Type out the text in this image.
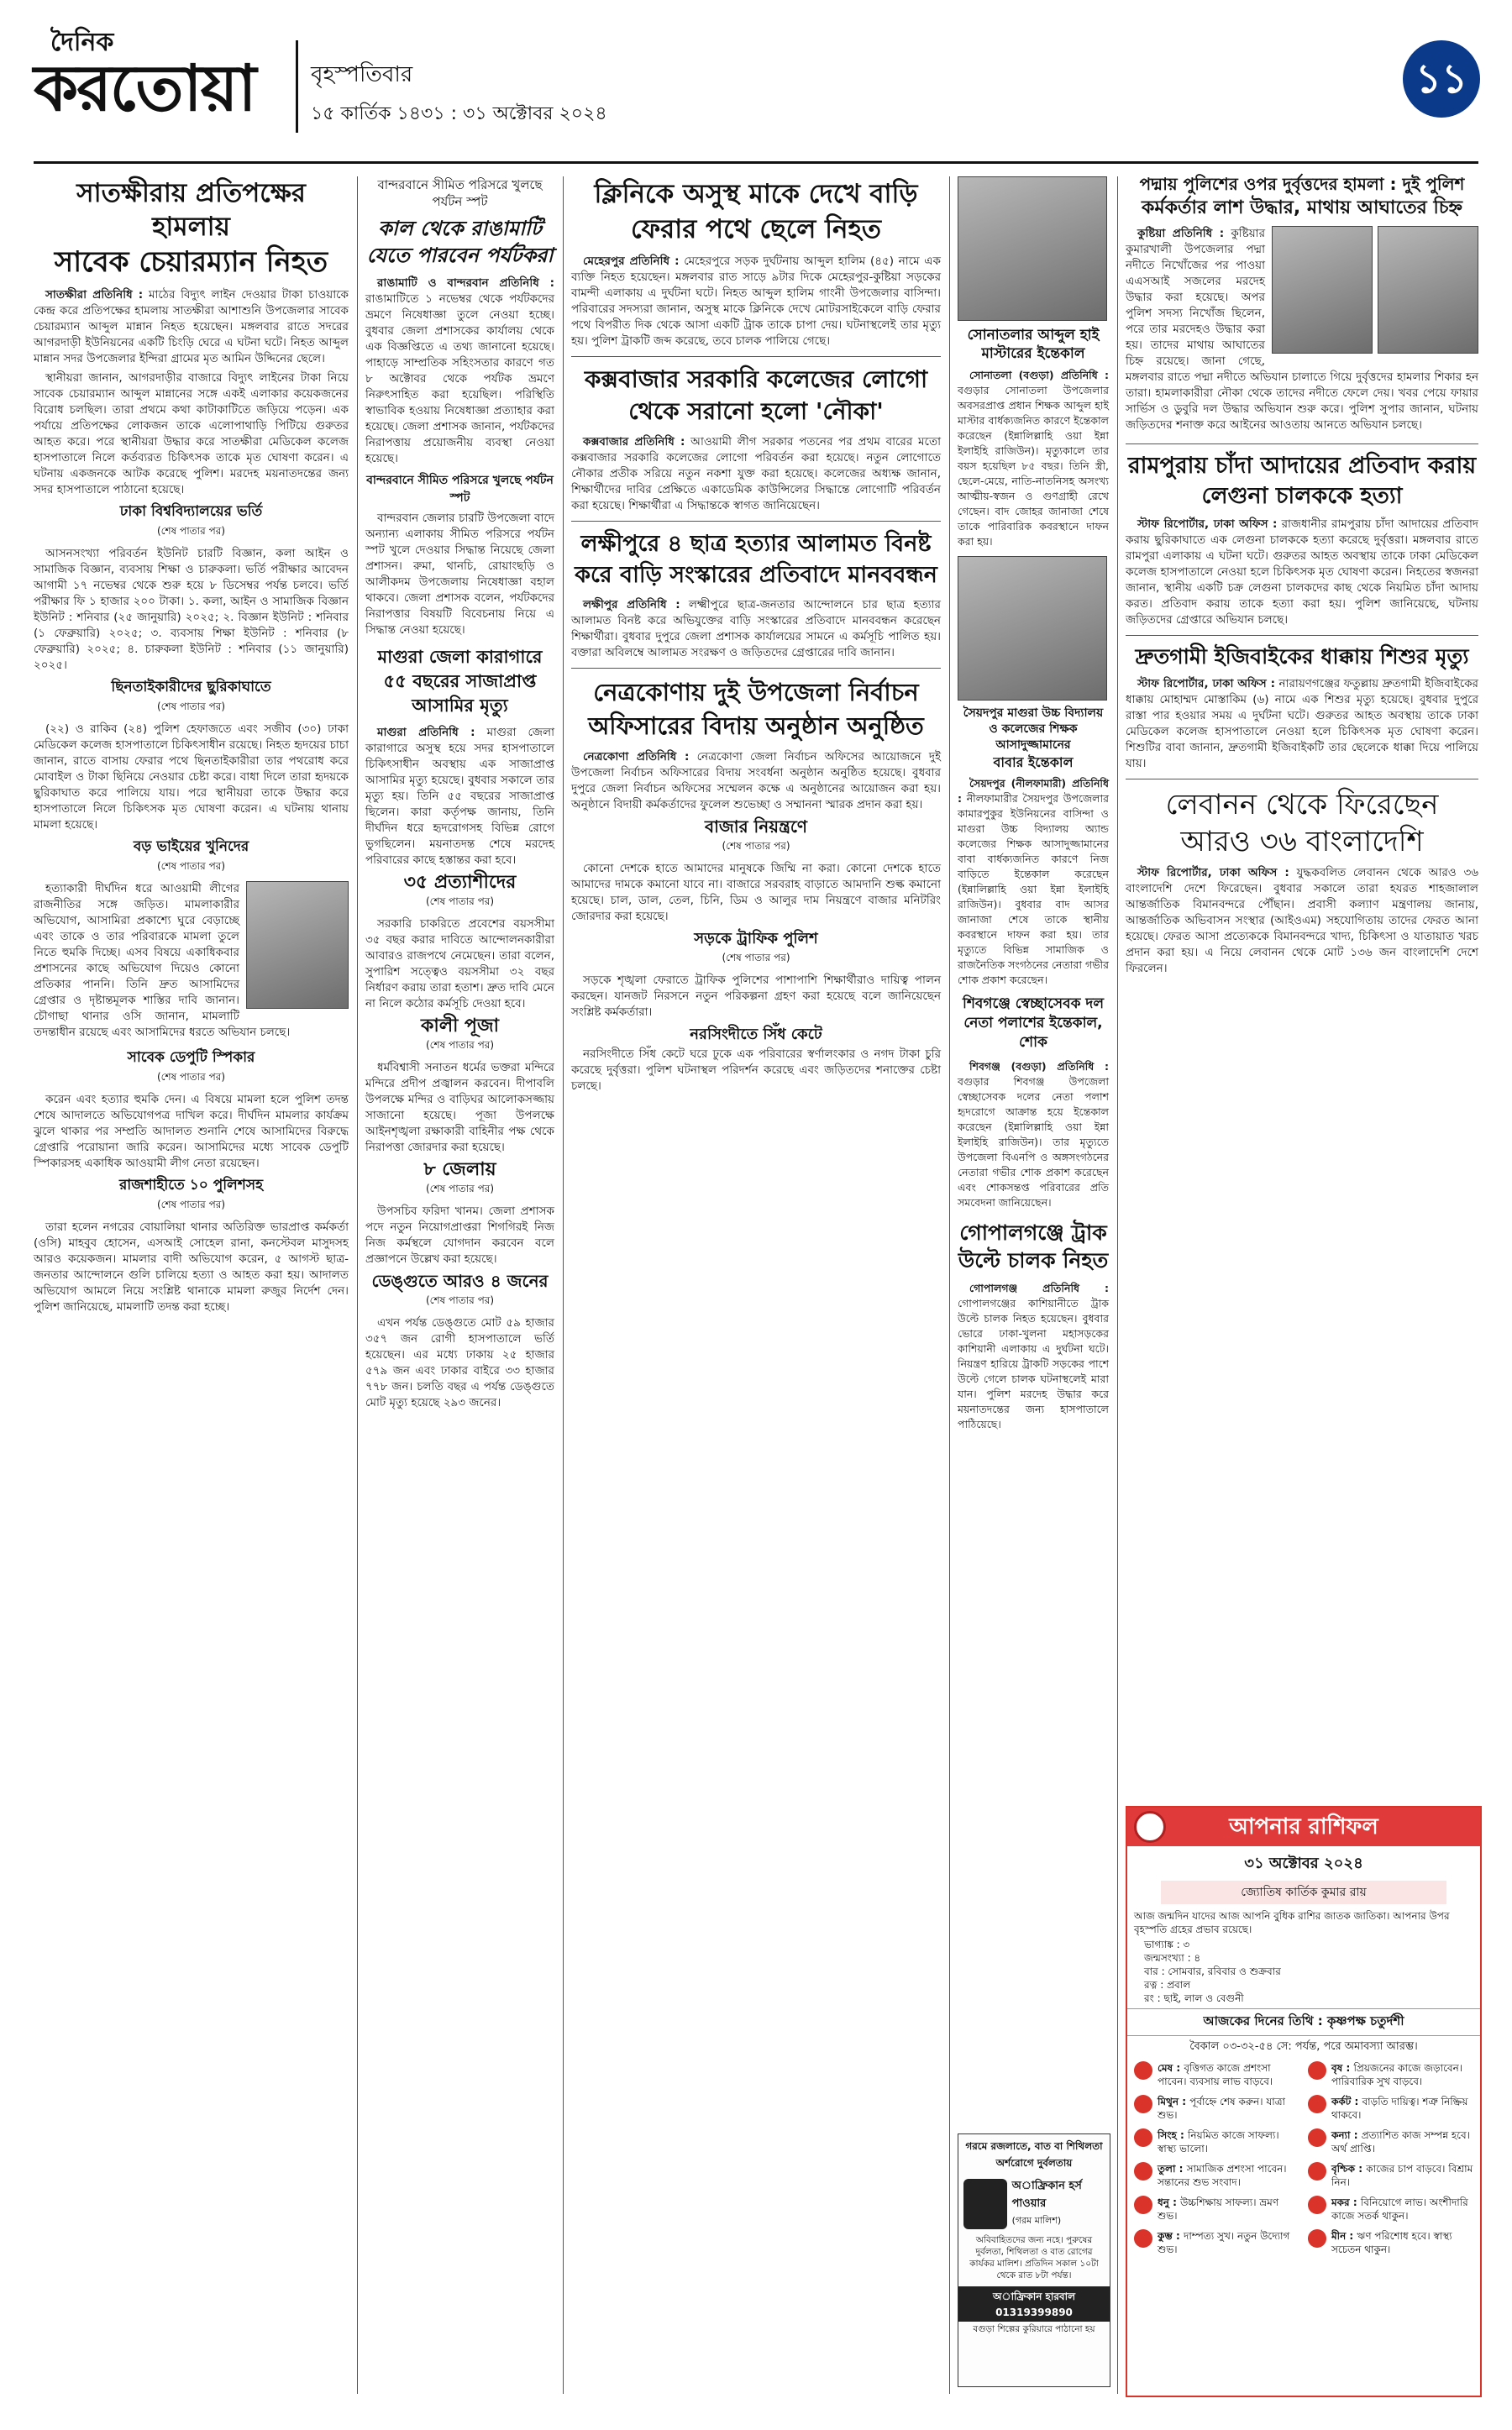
দৈনিক
করতোয়া	বৃহস্পতিবার
১৫ কার্তিক ১৪৩১ : ৩১ অক্টোবর ২০২৪
১১
সাতক্ষীরায় প্রতিপক্ষের হামলায়
সাবেক চেয়ারম্যান নিহত

সাতক্ষীরা প্রতিনিধি : মাঠের বিদ্যুৎ লাইন দেওয়ার টাকা চাওয়াকে কেন্দ্র করে প্রতিপক্ষের হামলায় সাতক্ষীরা আশাশুনি উপজেলার সাবেক চেয়ারম্যান আব্দুল মান্নান নিহত হয়েছেন। মঙ্গলবার রাতে সদরের আগরদাড়ী ইউনিয়নের একটি চিংড়ি ঘেরে এ ঘটনা ঘটে। নিহত আব্দুল মান্নান সদর উপজেলার ইন্দিরা গ্রামের মৃত আমিন উদ্দিনের ছেলে।

স্থানীয়রা জানান, আগরদাড়ীর বাজারে বিদ্যুৎ লাইনের টাকা নিয়ে সাবেক চেয়ারম্যান আব্দুল মান্নানের সঙ্গে একই এলাকার কয়েকজনের বিরোধ চলছিল। তারা প্রথমে কথা কাটাকাটিতে জড়িয়ে পড়েন। এক পর্যায়ে প্রতিপক্ষের লোকজন তাকে এলোপাথাড়ি পিটিয়ে গুরুতর আহত করে। পরে স্থানীয়রা উদ্ধার করে সাতক্ষীরা মেডিকেল কলেজ হাসপাতালে নিলে কর্তব্যরত চিকিৎসক তাকে মৃত ঘোষণা করেন। এ ঘটনায় একজনকে আটক করেছে পুলিশ। মরদেহ ময়নাতদন্তের জন্য সদর হাসপাতালে পাঠানো হয়েছে।

ঢাকা বিশ্ববিদ্যালয়ের ভর্তি
(শেষ পাতার পর)

আসনসংখ্যা পরিবর্তন ইউনিট চারটি বিজ্ঞান, কলা আইন ও সামাজিক বিজ্ঞান, ব্যবসায় শিক্ষা ও চারুকলা। ভর্তি পরীক্ষার আবেদন আগামী ১৭ নভেম্বর থেকে শুরু হয়ে ৮ ডিসেম্বর পর্যন্ত চলবে। ভর্তি পরীক্ষার ফি ১ হাজার ২০০ টাকা। ১. কলা, আইন ও সামাজিক বিজ্ঞান ইউনিট : শনিবার (২৫ জানুয়ারি) ২০২৫; ২. বিজ্ঞান ইউনিট : শনিবার (১ ফেব্রুয়ারি) ২০২৫; ৩. ব্যবসায় শিক্ষা ইউনিট : শনিবার (৮ ফেব্রুয়ারি) ২০২৫; ৪. চারুকলা ইউনিট : শনিবার (১১ জানুয়ারি) ২০২৫।

ছিনতাইকারীদের ছুরিকাঘাতে
(শেষ পাতার পর)

(২২) ও রাকিব (২৪) পুলিশ হেফাজতে এবং সজীব (৩০) ঢাকা মেডিকেল কলেজ হাসপাতালে চিকিৎসাধীন রয়েছে। নিহত হৃদয়ের চাচা জানান, রাতে বাসায় ফেরার পথে ছিনতাইকারীরা তার পথরোধ করে মোবাইল ও টাকা ছিনিয়ে নেওয়ার চেষ্টা করে। বাধা দিলে তারা হৃদয়কে ছুরিকাঘাত করে পালিয়ে যায়। পরে স্থানীয়রা তাকে উদ্ধার করে হাসপাতালে নিলে চিকিৎসক মৃত ঘোষণা করেন। এ ঘটনায় থানায় মামলা হয়েছে।

বড় ভাইয়ের খুনিদের
(শেষ পাতার পর)

হত্যাকারী দীর্ঘদিন ধরে আওয়ামী লীগের রাজনীতির সঙ্গে জড়িত। মামলাকারীর অভিযোগ, আসামিরা প্রকাশ্যে ঘুরে বেড়াচ্ছে এবং তাকে ও তার পরিবারকে মামলা তুলে নিতে হুমকি দিচ্ছে। এসব বিষয়ে একাধিকবার প্রশাসনের কাছে অভিযোগ দিয়েও কোনো প্রতিকার পাননি। তিনি দ্রুত আসামিদের গ্রেপ্তার ও দৃষ্টান্তমূলক শাস্তির দাবি জানান। চৌগাছা থানার ওসি জানান, মামলাটি তদন্তাধীন রয়েছে এবং আসামিদের ধরতে অভিযান চলছে।

সাবেক ডেপুটি স্পিকার
(শেষ পাতার পর)

করেন এবং হত্যার হুমকি দেন। এ বিষয়ে মামলা হলে পুলিশ তদন্ত শেষে আদালতে অভিযোগপত্র দাখিল করে। দীর্ঘদিন মামলার কার্যক্রম ঝুলে থাকার পর সম্প্রতি আদালত শুনানি শেষে আসামিদের বিরুদ্ধে গ্রেপ্তারি পরোয়ানা জারি করেন। আসামিদের মধ্যে সাবেক ডেপুটি স্পিকারসহ একাধিক আওয়ামী লীগ নেতা রয়েছেন।

রাজশাহীতে ১০ পুলিশসহ
(শেষ পাতার পর)

তারা হলেন নগরের বোয়ালিয়া থানার অতিরিক্ত ভারপ্রাপ্ত কর্মকর্তা (ওসি) মাহবুব হোসেন, এসআই সোহেল রানা, কনস্টেবল মাসুদসহ আরও কয়েকজন। মামলার বাদী অভিযোগ করেন, ৫ আগস্ট ছাত্র-জনতার আন্দোলনে গুলি চালিয়ে হত্যা ও আহত করা হয়। আদালত অভিযোগ আমলে নিয়ে সংশ্লিষ্ট থানাকে মামলা রুজুর নির্দেশ দেন। পুলিশ জানিয়েছে, মামলাটি তদন্ত করা হচ্ছে।

বান্দরবানে সীমিত পরিসরে খুলছে পর্যটন স্পট
কাল থেকে রাঙামাটি যেতে পারবেন পর্যটকরা

রাঙামাটি ও বান্দরবান প্রতিনিধি : রাঙামাটিতে ১ নভেম্বর থেকে পর্যটকদের ভ্রমণে নিষেধাজ্ঞা তুলে নেওয়া হচ্ছে। বুধবার জেলা প্রশাসকের কার্যালয় থেকে এক বিজ্ঞপ্তিতে এ তথ্য জানানো হয়েছে। পাহাড়ে সাম্প্রতিক সহিংসতার কারণে গত ৮ অক্টোবর থেকে পর্যটক ভ্রমণে নিরুৎসাহিত করা হয়েছিল। পরিস্থিতি স্বাভাবিক হওয়ায় নিষেধাজ্ঞা প্রত্যাহার করা হয়েছে। জেলা প্রশাসক জানান, পর্যটকদের নিরাপত্তায় প্রয়োজনীয় ব্যবস্থা নেওয়া হয়েছে।

বান্দরবানে সীমিত পরিসরে খুলছে পর্যটন স্পট

বান্দরবান জেলার চারটি উপজেলা বাদে অন্যান্য এলাকায় সীমিত পরিসরে পর্যটন স্পট খুলে দেওয়ার সিদ্ধান্ত নিয়েছে জেলা প্রশাসন। রুমা, থানচি, রোয়াংছড়ি ও আলীকদম উপজেলায় নিষেধাজ্ঞা বহাল থাকবে। জেলা প্রশাসক বলেন, পর্যটকদের নিরাপত্তার বিষয়টি বিবেচনায় নিয়ে এ সিদ্ধান্ত নেওয়া হয়েছে।

মাগুরা জেলা কারাগারে ৫৫ বছরের সাজাপ্রাপ্ত আসামির মৃত্যু

মাগুরা প্রতিনিধি : মাগুরা জেলা কারাগারে অসুস্থ হয়ে সদর হাসপাতালে চিকিৎসাধীন অবস্থায় এক সাজাপ্রাপ্ত আসামির মৃত্যু হয়েছে। বুধবার সকালে তার মৃত্যু হয়। তিনি ৫৫ বছরের সাজাপ্রাপ্ত ছিলেন। কারা কর্তৃপক্ষ জানায়, তিনি দীর্ঘদিন ধরে হৃদরোগসহ বিভিন্ন রোগে ভুগছিলেন। ময়নাতদন্ত শেষে মরদেহ পরিবারের কাছে হস্তান্তর করা হবে।

৩৫ প্রত্যাশীদের
(শেষ পাতার পর)

সরকারি চাকরিতে প্রবেশের বয়সসীমা ৩৫ বছর করার দাবিতে আন্দোলনকারীরা আবারও রাজপথে নেমেছেন। তারা বলেন, সুপারিশ সত্ত্বেও বয়সসীমা ৩২ বছর নির্ধারণ করায় তারা হতাশ। দ্রুত দাবি মেনে না নিলে কঠোর কর্মসূচি দেওয়া হবে।

কালী পূজা
(শেষ পাতার পর)

ধর্মবিশ্বাসী সনাতন ধর্মের ভক্তরা মন্দিরে মন্দিরে প্রদীপ প্রজ্বালন করবেন। দীপাবলি উপলক্ষে মন্দির ও বাড়িঘর আলোকসজ্জায় সাজানো হয়েছে। পূজা উপলক্ষে আইনশৃঙ্খলা রক্ষাকারী বাহিনীর পক্ষ থেকে নিরাপত্তা জোরদার করা হয়েছে।

৮ জেলায়
(শেষ পাতার পর)

উপসচিব ফরিদা খানম। জেলা প্রশাসক পদে নতুন নিয়োগপ্রাপ্তরা শিগগিরই নিজ নিজ কর্মস্থলে যোগদান করবেন বলে প্রজ্ঞাপনে উল্লেখ করা হয়েছে।

ডেঙ্গুতে আরও ৪ জনের
(শেষ পাতার পর)

এখন পর্যন্ত ডেঙ্গুতে মোট ৫৯ হাজার ৩৫৭ জন রোগী হাসপাতালে ভর্তি হয়েছেন। এর মধ্যে ঢাকায় ২৫ হাজার ৫৭৯ জন এবং ঢাকার বাইরে ৩৩ হাজার ৭৭৮ জন। চলতি বছর এ পর্যন্ত ডেঙ্গুতে মোট মৃত্যু হয়েছে ২৯৩ জনের।

ক্লিনিকে অসুস্থ মাকে দেখে বাড়ি ফেরার পথে ছেলে নিহত

মেহেরপুর প্রতিনিধি : মেহেরপুরে সড়ক দুর্ঘটনায় আব্দুল হালিম (৪৫) নামে এক ব্যক্তি নিহত হয়েছেন। মঙ্গলবার রাত সাড়ে ৯টার দিকে মেহেরপুর-কুষ্টিয়া সড়কের বামন্দী এলাকায় এ দুর্ঘটনা ঘটে। নিহত আব্দুল হালিম গাংনী উপজেলার বাসিন্দা। পরিবারের সদস্যরা জানান, অসুস্থ মাকে ক্লিনিকে দেখে মোটরসাইকেলে বাড়ি ফেরার পথে বিপরীত দিক থেকে আসা একটি ট্রাক তাকে চাপা দেয়। ঘটনাস্থলেই তার মৃত্যু হয়। পুলিশ ট্রাকটি জব্দ করেছে, তবে চালক পালিয়ে গেছে।

কক্সবাজার সরকারি কলেজের লোগো থেকে সরানো হলো 'নৌকা'

কক্সবাজার প্রতিনিধি : আওয়ামী লীগ সরকার পতনের পর প্রথম বারের মতো কক্সবাজার সরকারি কলেজের লোগো পরিবর্তন করা হয়েছে। নতুন লোগোতে নৌকার প্রতীক সরিয়ে নতুন নকশা যুক্ত করা হয়েছে। কলেজের অধ্যক্ষ জানান, শিক্ষার্থীদের দাবির প্রেক্ষিতে একাডেমিক কাউন্সিলের সিদ্ধান্তে লোগোটি পরিবর্তন করা হয়েছে। শিক্ষার্থীরা এ সিদ্ধান্তকে স্বাগত জানিয়েছেন।

লক্ষীপুরে ৪ ছাত্র হত্যার আলামত বিনষ্ট করে বাড়ি সংস্কারের প্রতিবাদে মানববন্ধন

লক্ষীপুর প্রতিনিধি : লক্ষ্মীপুরে ছাত্র-জনতার আন্দোলনে চার ছাত্র হত্যার আলামত বিনষ্ট করে অভিযুক্তের বাড়ি সংস্কারের প্রতিবাদে মানববন্ধন করেছেন শিক্ষার্থীরা। বুধবার দুপুরে জেলা প্রশাসক কার্যালয়ের সামনে এ কর্মসূচি পালিত হয়। বক্তারা অবিলম্বে আলামত সংরক্ষণ ও জড়িতদের গ্রেপ্তারের দাবি জানান।

নেত্রকোণায় দুই উপজেলা নির্বাচন অফিসারের বিদায় অনুষ্ঠান অনুষ্ঠিত

নেত্রকোণা প্রতিনিধি : নেত্রকোণা জেলা নির্বাচন অফিসের আয়োজনে দুই উপজেলা নির্বাচন অফিসারের বিদায় সংবর্ধনা অনুষ্ঠান অনুষ্ঠিত হয়েছে। বুধবার দুপুরে জেলা নির্বাচন অফিসের সম্মেলন কক্ষে এ অনুষ্ঠানের আয়োজন করা হয়। অনুষ্ঠানে বিদায়ী কর্মকর্তাদের ফুলেল শুভেচ্ছা ও সম্মাননা স্মারক প্রদান করা হয়।

বাজার নিয়ন্ত্রণে
(শেষ পাতার পর)

কোনো দেশকে হাতে আমাদের মানুষকে জিম্মি না করা। কোনো দেশকে হাতে আমাদের দামকে কমানো যাবে না। বাজারে সরবরাহ বাড়াতে আমদানি শুল্ক কমানো হয়েছে। চাল, ডাল, তেল, চিনি, ডিম ও আলুর দাম নিয়ন্ত্রণে বাজার মনিটরিং জোরদার করা হয়েছে।

সড়কে ট্রাফিক পুলিশ
(শেষ পাতার পর)

সড়কে শৃঙ্খলা ফেরাতে ট্রাফিক পুলিশের পাশাপাশি শিক্ষার্থীরাও দায়িত্ব পালন করছেন। যানজট নিরসনে নতুন পরিকল্পনা গ্রহণ করা হয়েছে বলে জানিয়েছেন সংশ্লিষ্ট কর্মকর্তারা।

নরসিংদীতে সিঁধ কেটে

নরসিংদীতে সিঁধ কেটে ঘরে ঢুকে এক পরিবারের স্বর্ণালংকার ও নগদ টাকা চুরি করেছে দুর্বৃত্তরা। পুলিশ ঘটনাস্থল পরিদর্শন করেছে এবং জড়িতদের শনাক্তের চেষ্টা চলছে।

সোনাতলার আব্দুল হাই
মাস্টারের ইন্তেকাল

সোনাতলা (বগুড়া) প্রতিনিধি : বগুড়ার সোনাতলা উপজেলার অবসরপ্রাপ্ত প্রধান শিক্ষক আব্দুল হাই মাস্টার বার্ধক্যজনিত কারণে ইন্তেকাল করেছেন (ইন্নালিল্লাহি ওয়া ইন্না ইলাইহি রাজিউন)। মৃত্যুকালে তার বয়স হয়েছিল ৮৫ বছর। তিনি স্ত্রী, ছেলে-মেয়ে, নাতি-নাতনিসহ অসংখ্য আত্মীয়-স্বজন ও গুণগ্রাহী রেখে গেছেন। বাদ জোহর জানাজা শেষে তাকে পারিবারিক কবরস্থানে দাফন করা হয়।

সৈয়দপুর মাগুরা উচ্চ বিদ্যালয় ও কলেজের শিক্ষক আসাদুজ্জামানের
বাবার ইন্তেকাল

সৈয়দপুর (নীলফামারী) প্রতিনিধি : নীলফামারীর সৈয়দপুর উপজেলার কামারপুকুর ইউনিয়নের বাসিন্দা ও মাগুরা উচ্চ বিদ্যালয় অ্যান্ড কলেজের শিক্ষক আসাদুজ্জামানের বাবা বার্ধক্যজনিত কারণে নিজ বাড়িতে ইন্তেকাল করেছেন (ইন্নালিল্লাহি ওয়া ইন্না ইলাইহি রাজিউন)। বুধবার বাদ আসর জানাজা শেষে তাকে স্থানীয় কবরস্থানে দাফন করা হয়। তার মৃত্যুতে বিভিন্ন সামাজিক ও রাজনৈতিক সংগঠনের নেতারা গভীর শোক প্রকাশ করেছেন।

শিবগঞ্জে স্বেচ্ছাসেবক দল নেতা পলাশের ইন্তেকাল, শোক

শিবগঞ্জ (বগুড়া) প্রতিনিধি : বগুড়ার শিবগঞ্জ উপজেলা স্বেচ্ছাসেবক দলের নেতা পলাশ হৃদরোগে আক্রান্ত হয়ে ইন্তেকাল করেছেন (ইন্নালিল্লাহি ওয়া ইন্না ইলাইহি রাজিউন)। তার মৃত্যুতে উপজেলা বিএনপি ও অঙ্গসংগঠনের নেতারা গভীর শোক প্রকাশ করেছেন এবং শোকসন্তপ্ত পরিবারের প্রতি সমবেদনা জানিয়েছেন।

গোপালগঞ্জে ট্রাক উল্টে চালক নিহত

গোপালগঞ্জ প্রতিনিধি : গোপালগঞ্জের কাশিয়ানীতে ট্রাক উল্টে চালক নিহত হয়েছেন। বুধবার ভোরে ঢাকা-খুলনা মহাসড়কের কাশিয়ানী এলাকায় এ দুর্ঘটনা ঘটে। নিয়ন্ত্রণ হারিয়ে ট্রাকটি সড়কের পাশে উল্টে গেলে চালক ঘটনাস্থলেই মারা যান। পুলিশ মরদেহ উদ্ধার করে ময়নাতদন্তের জন্য হাসপাতালে পাঠিয়েছে।

গরমে রজলাতে, বাত বা শিথিলতা
অর্শরোগে দুর্বলতায়
অাফ্রিকান হর্স পাওয়ার
(গরম মালিশ)
অবিবাহিতদের জন্য নহে। পুরুষের দুর্বলতা, শিথিলতা ও বাত রোগের কার্যকর মালিশ। প্রতিদিন সকাল ১০টা থেকে রাত ৮টা পর্যন্ত।
অাফ্রিকান হারবাল 01319399890
বগুড়া শিল্পের কুরিয়ারে পাঠানো হয়
পদ্মায় পুলিশের ওপর দুর্বৃত্তদের হামলা : দুই পুলিশ
কর্মকর্তার লাশ উদ্ধার, মাথায় আঘাতের চিহ্ন

কুষ্টিয়া প্রতিনিধি : কুষ্টিয়ার কুমারখালী উপজেলার পদ্মা নদীতে নিখোঁজের পর পাওয়া এএসআই সজলের মরদেহ উদ্ধার করা হয়েছে। অপর পুলিশ সদস্য নিখোঁজ ছিলেন, পরে তার মরদেহও উদ্ধার করা হয়। তাদের মাথায় আঘাতের চিহ্ন রয়েছে। জানা গেছে, মঙ্গলবার রাতে পদ্মা নদীতে অভিযান চালাতে গিয়ে দুর্বৃত্তদের হামলার শিকার হন তারা। হামলাকারীরা নৌকা থেকে তাদের নদীতে ফেলে দেয়। খবর পেয়ে ফায়ার সার্ভিস ও ডুবুরি দল উদ্ধার অভিযান শুরু করে। পুলিশ সুপার জানান, ঘটনায় জড়িতদের শনাক্ত করে আইনের আওতায় আনতে অভিযান চলছে।

রামপুরায় চাঁদা আদায়ের প্রতিবাদ করায়
লেগুনা চালককে হত্যা

স্টাফ রিপোর্টার, ঢাকা অফিস : রাজধানীর রামপুরায় চাঁদা আদায়ের প্রতিবাদ করায় ছুরিকাঘাতে এক লেগুনা চালককে হত্যা করেছে দুর্বৃত্তরা। মঙ্গলবার রাতে রামপুরা এলাকায় এ ঘটনা ঘটে। গুরুতর আহত অবস্থায় তাকে ঢাকা মেডিকেল কলেজ হাসপাতালে নেওয়া হলে চিকিৎসক মৃত ঘোষণা করেন। নিহতের স্বজনরা জানান, স্থানীয় একটি চক্র লেগুনা চালকদের কাছ থেকে নিয়মিত চাঁদা আদায় করত। প্রতিবাদ করায় তাকে হত্যা করা হয়। পুলিশ জানিয়েছে, ঘটনায় জড়িতদের গ্রেপ্তারে অভিযান চলছে।

দ্রুতগামী ইজিবাইকের ধাক্কায় শিশুর মৃত্যু

স্টাফ রিপোর্টার, ঢাকা অফিস : নারায়ণগঞ্জের ফতুল্লায় দ্রুতগামী ইজিবাইকের ধাক্কায় মোহাম্মদ মোস্তাকিম (৬) নামে এক শিশুর মৃত্যু হয়েছে। বুধবার দুপুরে রাস্তা পার হওয়ার সময় এ দুর্ঘটনা ঘটে। গুরুতর আহত অবস্থায় তাকে ঢাকা মেডিকেল কলেজ হাসপাতালে নেওয়া হলে চিকিৎসক মৃত ঘোষণা করেন। শিশুটির বাবা জানান, দ্রুতগামী ইজিবাইকটি তার ছেলেকে ধাক্কা দিয়ে পালিয়ে যায়।

লেবানন থেকে ফিরেছেন
আরও ৩৬ বাংলাদেশি

স্টাফ রিপোর্টার, ঢাকা অফিস : যুদ্ধকবলিত লেবানন থেকে আরও ৩৬ বাংলাদেশি দেশে ফিরেছেন। বুধবার সকালে তারা হযরত শাহজালাল আন্তর্জাতিক বিমানবন্দরে পৌঁছান। প্রবাসী কল্যাণ মন্ত্রণালয় জানায়, আন্তর্জাতিক অভিবাসন সংস্থার (আইওএম) সহযোগিতায় তাদের ফেরত আনা হয়েছে। ফেরত আসা প্রত্যেককে বিমানবন্দরে খাদ্য, চিকিৎসা ও যাতায়াত খরচ প্রদান করা হয়। এ নিয়ে লেবানন থেকে মোট ১৩৬ জন বাংলাদেশি দেশে ফিরলেন।

আপনার রাশিফল
৩১ অক্টোবর ২০২৪
জ্যোতিষ কার্তিক কুমার রায়
আজ জন্মদিন যাদের আজ আপনি বুধিক রাশির জাতক জাতিকা। আপনার উপর বৃহস্পতি গ্রহের প্রভাব রয়েছে।
ভাগ্যাঙ্ক : ৩
জন্মসংখ্যা : ৪
বার : সোমবার, রবিবার ও শুক্রবার
রত্ন : প্রবাল
রং : ছাই, লাল ও বেগুনী
আজকের দিনের তিথি : কৃষ্ণপক্ষ চতুর্দশী
বৈকাল ০৩-৩২-৫৪ সে: পর্যন্ত, পরে অমাবস্যা আরম্ভ।
মেষ : বৃত্তিগত কাজে প্রশংসা পাবেন। ব্যবসায় লাভ বাড়বে।
বৃষ : প্রিয়জনের কাজে জড়াবেন। পারিবারিক সুখ বাড়বে।
মিথুন : পূর্বাহ্নে শেষ করুন। যাত্রা শুভ।
কর্কট : বাড়তি দায়িত্ব। শত্রু নিষ্ক্রিয় থাকবে।
সিংহ : নিয়মিত কাজে সাফল্য। স্বাস্থ্য ভালো।
কন্যা : প্রত্যাশিত কাজ সম্পন্ন হবে। অর্থ প্রাপ্তি।
তুলা : সামাজিক প্রশংসা পাবেন। সন্তানের শুভ সংবাদ।
বৃশ্চিক : কাজের চাপ বাড়বে। বিশ্রাম নিন।
ধনু : উচ্চশিক্ষায় সাফল্য। ভ্রমণ শুভ।
মকর : বিনিয়োগে লাভ। অংশীদারি কাজে সতর্ক থাকুন।
কুম্ভ : দাম্পত্য সুখ। নতুন উদ্যোগ শুভ।
মীন : ঋণ পরিশোধ হবে। স্বাস্থ্য সচেতন থাকুন।
